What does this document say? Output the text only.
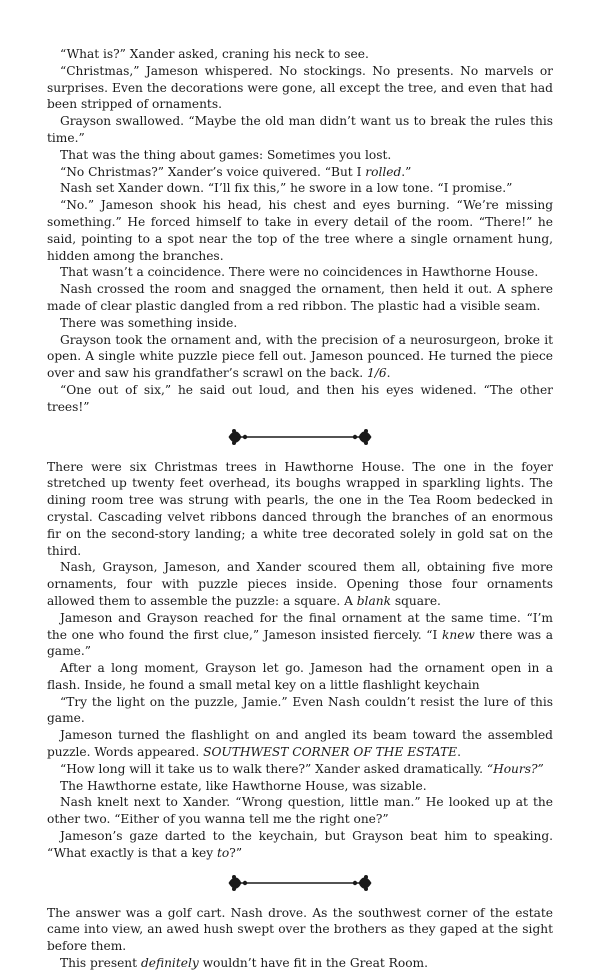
“What is?” Xander asked, craning his neck to see.

“Christmas,” Jameson whispered. No stockings. No presents. No marvels or surprises. Even the decorations were gone, all except the tree, and even that had been stripped of ornaments.

Grayson swallowed. “Maybe the old man didn’t want us to break the rules this time.”

That was the thing about games: Sometimes you lost.

“No Christmas?” Xander’s voice quivered. “But I rolled.”

Nash set Xander down. “I’ll fix this,” he swore in a low tone. “I promise.”

“No.” Jameson shook his head, his chest and eyes burning. “We’re missing something.” He forced himself to take in every detail of the room. “There!” he said, pointing to a spot near the top of the tree where a single ornament hung, hidden among the branches.

That wasn’t a coincidence. There were no coincidences in Hawthorne House.

Nash crossed the room and snagged the ornament, then held it out. A sphere made of clear plastic dangled from a red ribbon. The plastic had a visible seam.

There was something inside.

Grayson took the ornament and, with the precision of a neurosurgeon, broke it open. A single white puzzle piece fell out. Jameson pounced. He turned the piece over and saw his grandfather’s scrawl on the back. 1/6.

“One out of six,” he said out loud, and then his eyes widened. “The other trees!”

There were six Christmas trees in Hawthorne House. The one in the foyer stretched up twenty feet overhead, its boughs wrapped in sparkling lights. The dining room tree was strung with pearls, the one in the Tea Room bedecked in crystal. Cascading velvet ribbons danced through the branches of an enormous fir on the second-story landing; a white tree decorated solely in gold sat on the third.

Nash, Grayson, Jameson, and Xander scoured them all, obtaining five more ornaments, four with puzzle pieces inside. Opening those four ornaments allowed them to assemble the puzzle: a square. A blank square.

Jameson and Grayson reached for the final ornament at the same time. “I’m the one who found the first clue,” Jameson insisted fiercely. “I knew there was a game.”

After a long moment, Grayson let go. Jameson had the ornament open in a flash. Inside, he found a small metal key on a little flashlight keychain

“Try the light on the puzzle, Jamie.” Even Nash couldn’t resist the lure of this game.

Jameson turned the flashlight on and angled its beam toward the assembled puzzle. Words appeared. SOUTHWEST CORNER OF THE ESTATE.

“How long will it take us to walk there?” Xander asked dramatically. “Hours?”

The Hawthorne estate, like Hawthorne House, was sizable.

Nash knelt next to Xander. “Wrong question, little man.” He looked up at the other two. “Either of you wanna tell me the right one?”

Jameson’s gaze darted to the keychain, but Grayson beat him to speaking. “What exactly is that a key to?”

The answer was a golf cart. Nash drove. As the southwest corner of the estate came into view, an awed hush swept over the brothers as they gaped at the sight before them.

This present definitely wouldn’t have fit in the Great Room.
